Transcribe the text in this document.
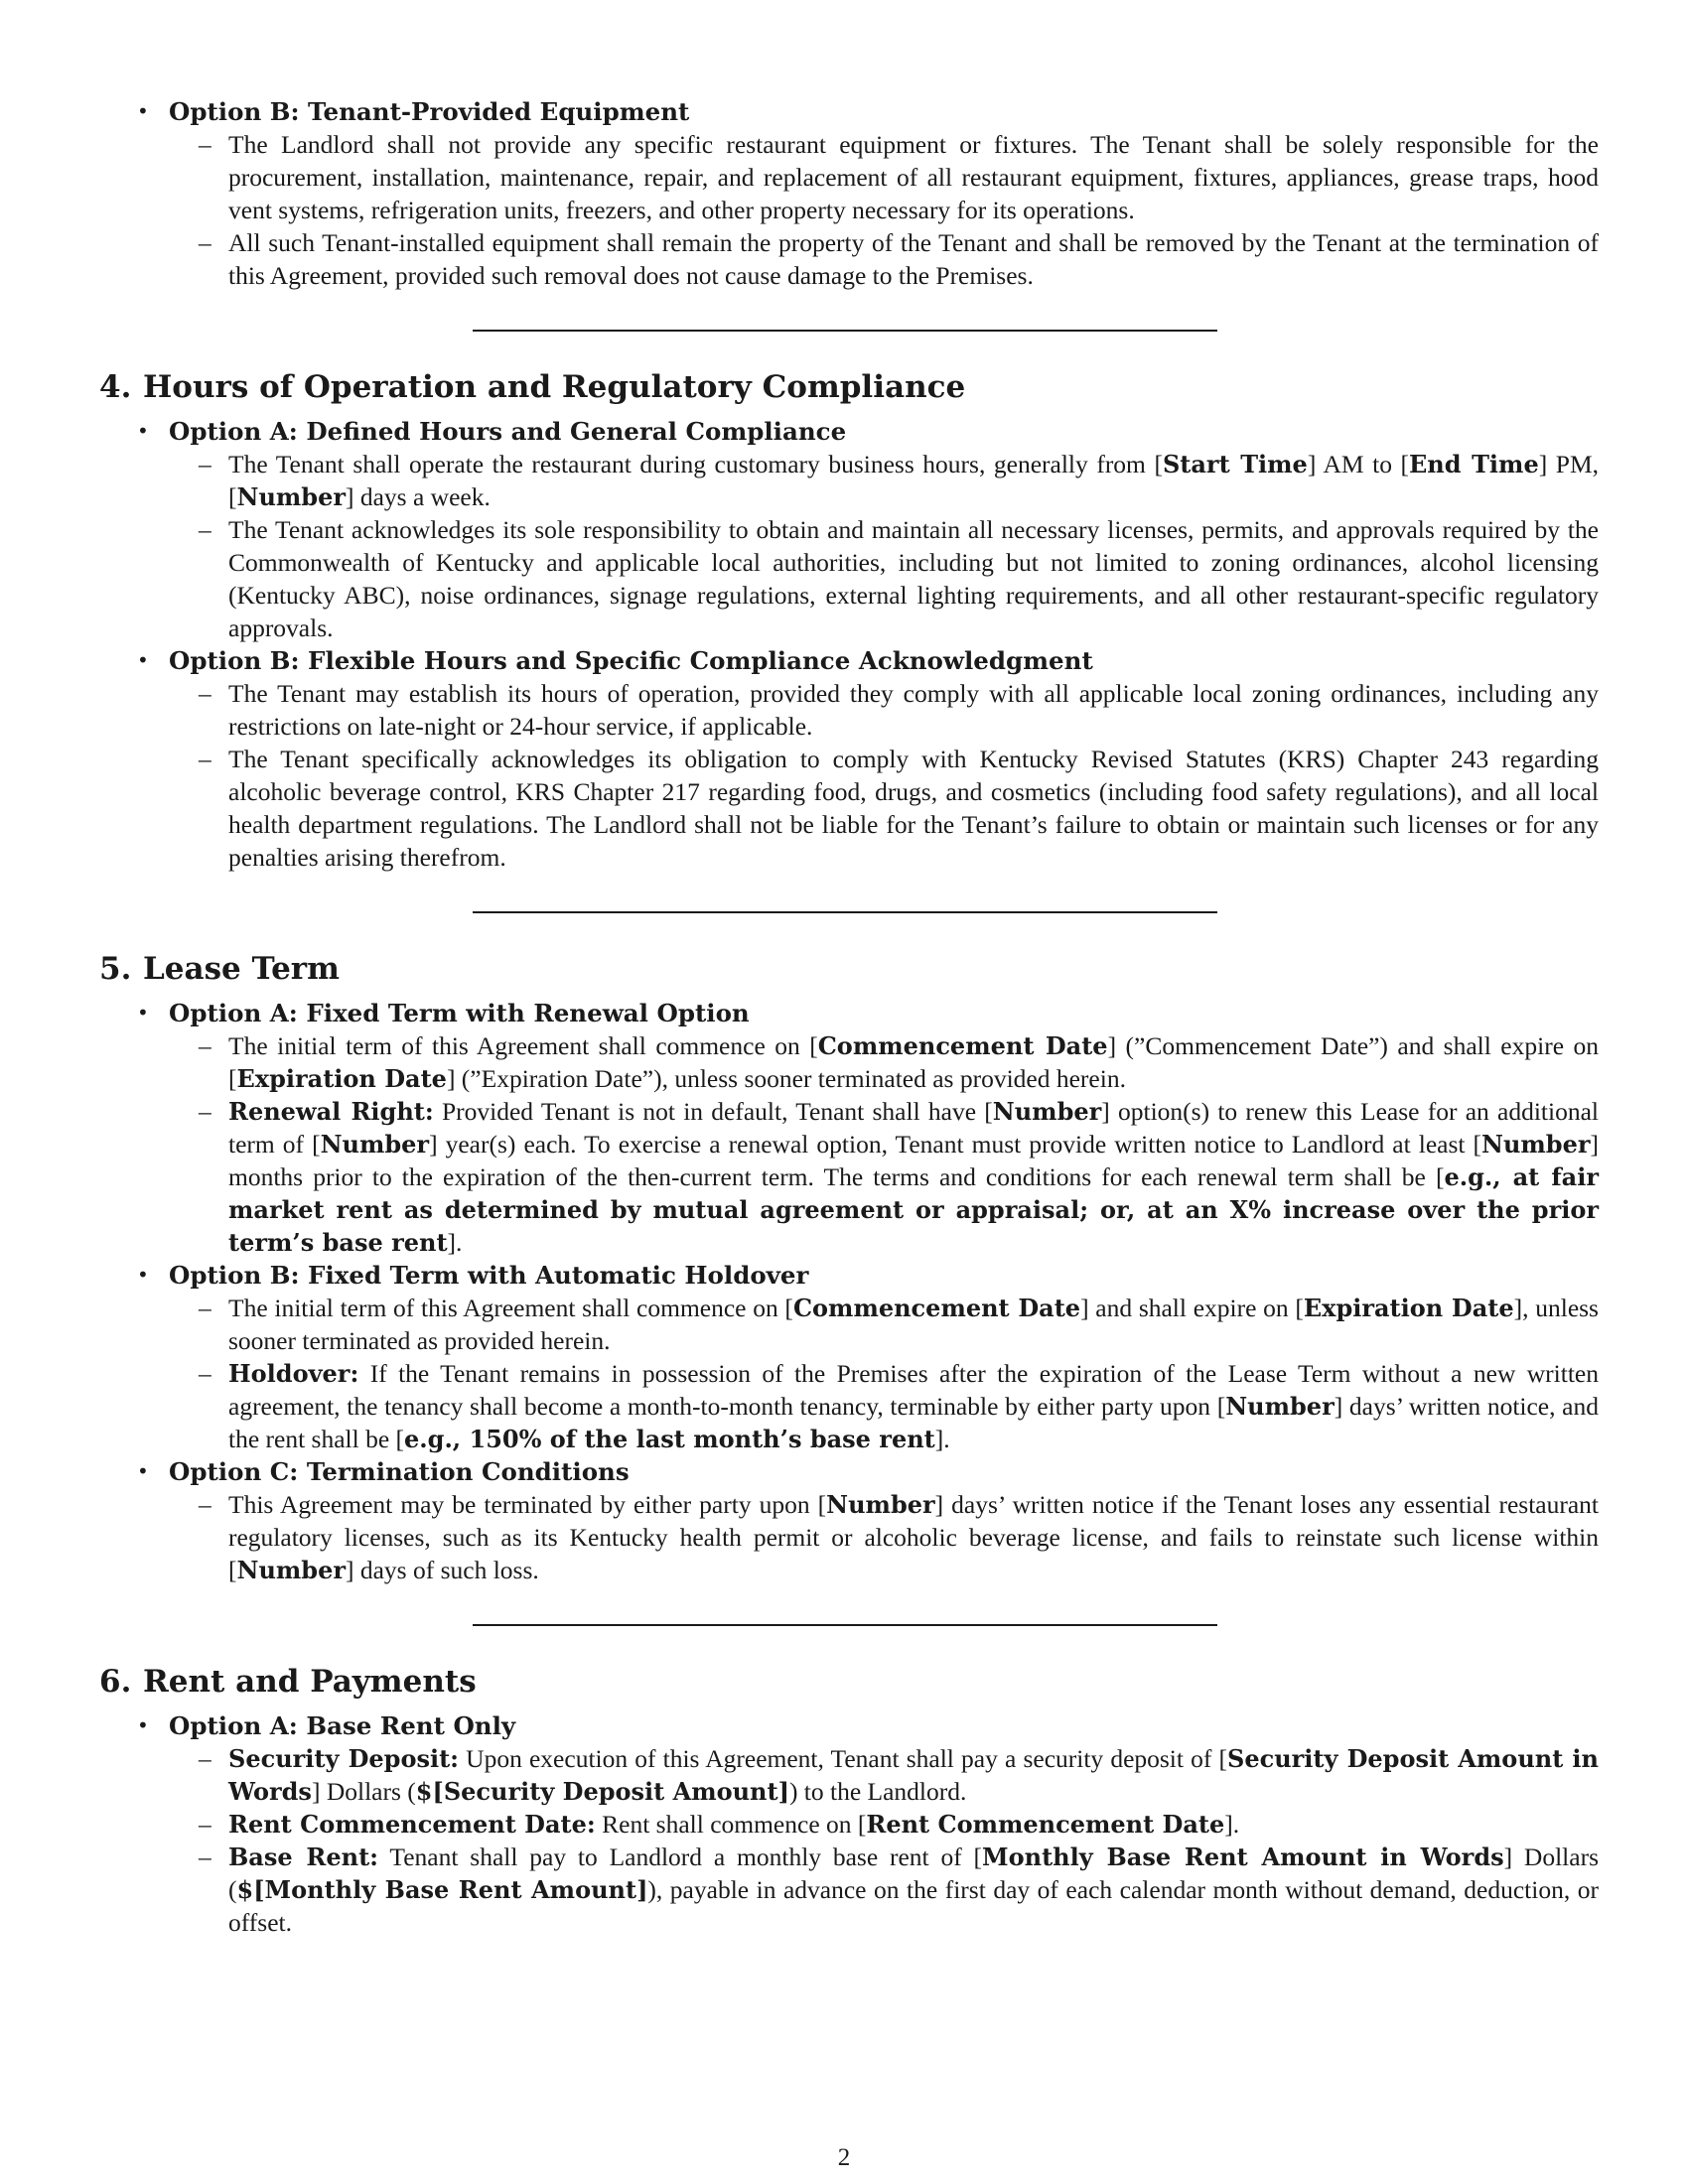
• Option B: Tenant-Provided Equipment
– The Landlord shall not provide any specific restaurant equipment or fixtures. The Tenant shall be solely responsible for the procurement, installation, maintenance, repair, and replacement of all restaurant equipment, fixtures, appliances, grease traps, hood vent systems, refrigeration units, freezers, and other property necessary for its operations.
– All such Tenant-installed equipment shall remain the property of the Tenant and shall be removed by the Tenant at the termination of this Agreement, provided such removal does not cause damage to the Premises.
4. Hours of Operation and Regulatory Compliance
• Option A: Defined Hours and General Compliance
– The Tenant shall operate the restaurant during customary business hours, generally from [Start Time] AM to [End Time] PM, [Number] days a week.
– The Tenant acknowledges its sole responsibility to obtain and maintain all necessary licenses, permits, and approvals required by the Commonwealth of Kentucky and applicable local authorities, including but not limited to zoning ordinances, alcohol licensing (Kentucky ABC), noise ordinances, signage regulations, external lighting requirements, and all other restaurant-specific regulatory approvals.
• Option B: Flexible Hours and Specific Compliance Acknowledgment
– The Tenant may establish its hours of operation, provided they comply with all applicable local zoning ordinances, including any restrictions on late-night or 24-hour service, if applicable.
– The Tenant specifically acknowledges its obligation to comply with Kentucky Revised Statutes (KRS) Chapter 243 regarding alcoholic beverage control, KRS Chapter 217 regarding food, drugs, and cosmetics (including food safety regulations), and all local health department regulations. The Landlord shall not be liable for the Tenant’s failure to obtain or maintain such licenses or for any penalties arising therefrom.
5. Lease Term
• Option A: Fixed Term with Renewal Option
– The initial term of this Agreement shall commence on [Commencement Date] (”Commencement Date”) and shall expire on [Expiration Date] (”Expiration Date”), unless sooner terminated as provided herein.
– Renewal Right: Provided Tenant is not in default, Tenant shall have [Number] option(s) to renew this Lease for an additional term of [Number] year(s) each. To exercise a renewal option, Tenant must provide written notice to Landlord at least [Number] months prior to the expiration of the then-current term. The terms and conditions for each renewal term shall be [e.g., at fair market rent as determined by mutual agreement or appraisal; or, at an X% increase over the prior term’s base rent].
• Option B: Fixed Term with Automatic Holdover
– The initial term of this Agreement shall commence on [Commencement Date] and shall expire on [Expiration Date], unless sooner terminated as provided herein.
– Holdover: If the Tenant remains in possession of the Premises after the expiration of the Lease Term without a new written agreement, the tenancy shall become a month-to-month tenancy, terminable by either party upon [Number] days’ written notice, and the rent shall be [e.g., 150% of the last month’s base rent].
• Option C: Termination Conditions
– This Agreement may be terminated by either party upon [Number] days’ written notice if the Tenant loses any essential restaurant regulatory licenses, such as its Kentucky health permit or alcoholic beverage license, and fails to reinstate such license within [Number] days of such loss.
6. Rent and Payments
• Option A: Base Rent Only
– Security Deposit: Upon execution of this Agreement, Tenant shall pay a security deposit of [Security Deposit Amount in Words] Dollars ($[Security Deposit Amount]) to the Landlord.
– Rent Commencement Date: Rent shall commence on [Rent Commencement Date].
– Base Rent: Tenant shall pay to Landlord a monthly base rent of [Monthly Base Rent Amount in Words] Dollars ($[Monthly Base Rent Amount]), payable in advance on the first day of each calendar month without demand, deduction, or offset.
2
